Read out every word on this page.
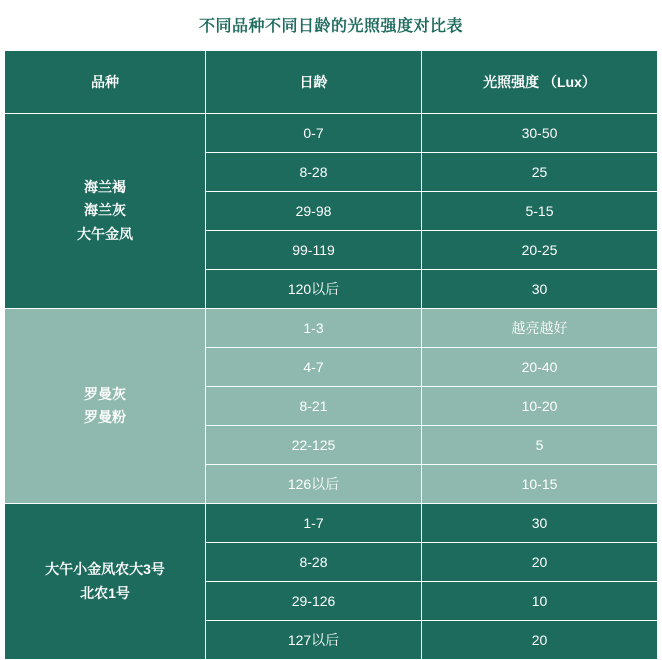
不同品种不同日龄的光照强度对比表
品种	日龄	光照强度 （Lux）

海兰褐
海兰灰
大午金凤	0-7	30-50
	8-28	25
	29-98	5-15
	99-119	20-25
	120以后	30

罗曼灰
罗曼粉	1-3	越亮越好
	4-7	20-40
	8-21	10-20
	22-125	5
	126以后	10-15

大午小金凤农大3号
北农1号	1-7	30
	8-28	20
	29-126	10
	127以后	20
